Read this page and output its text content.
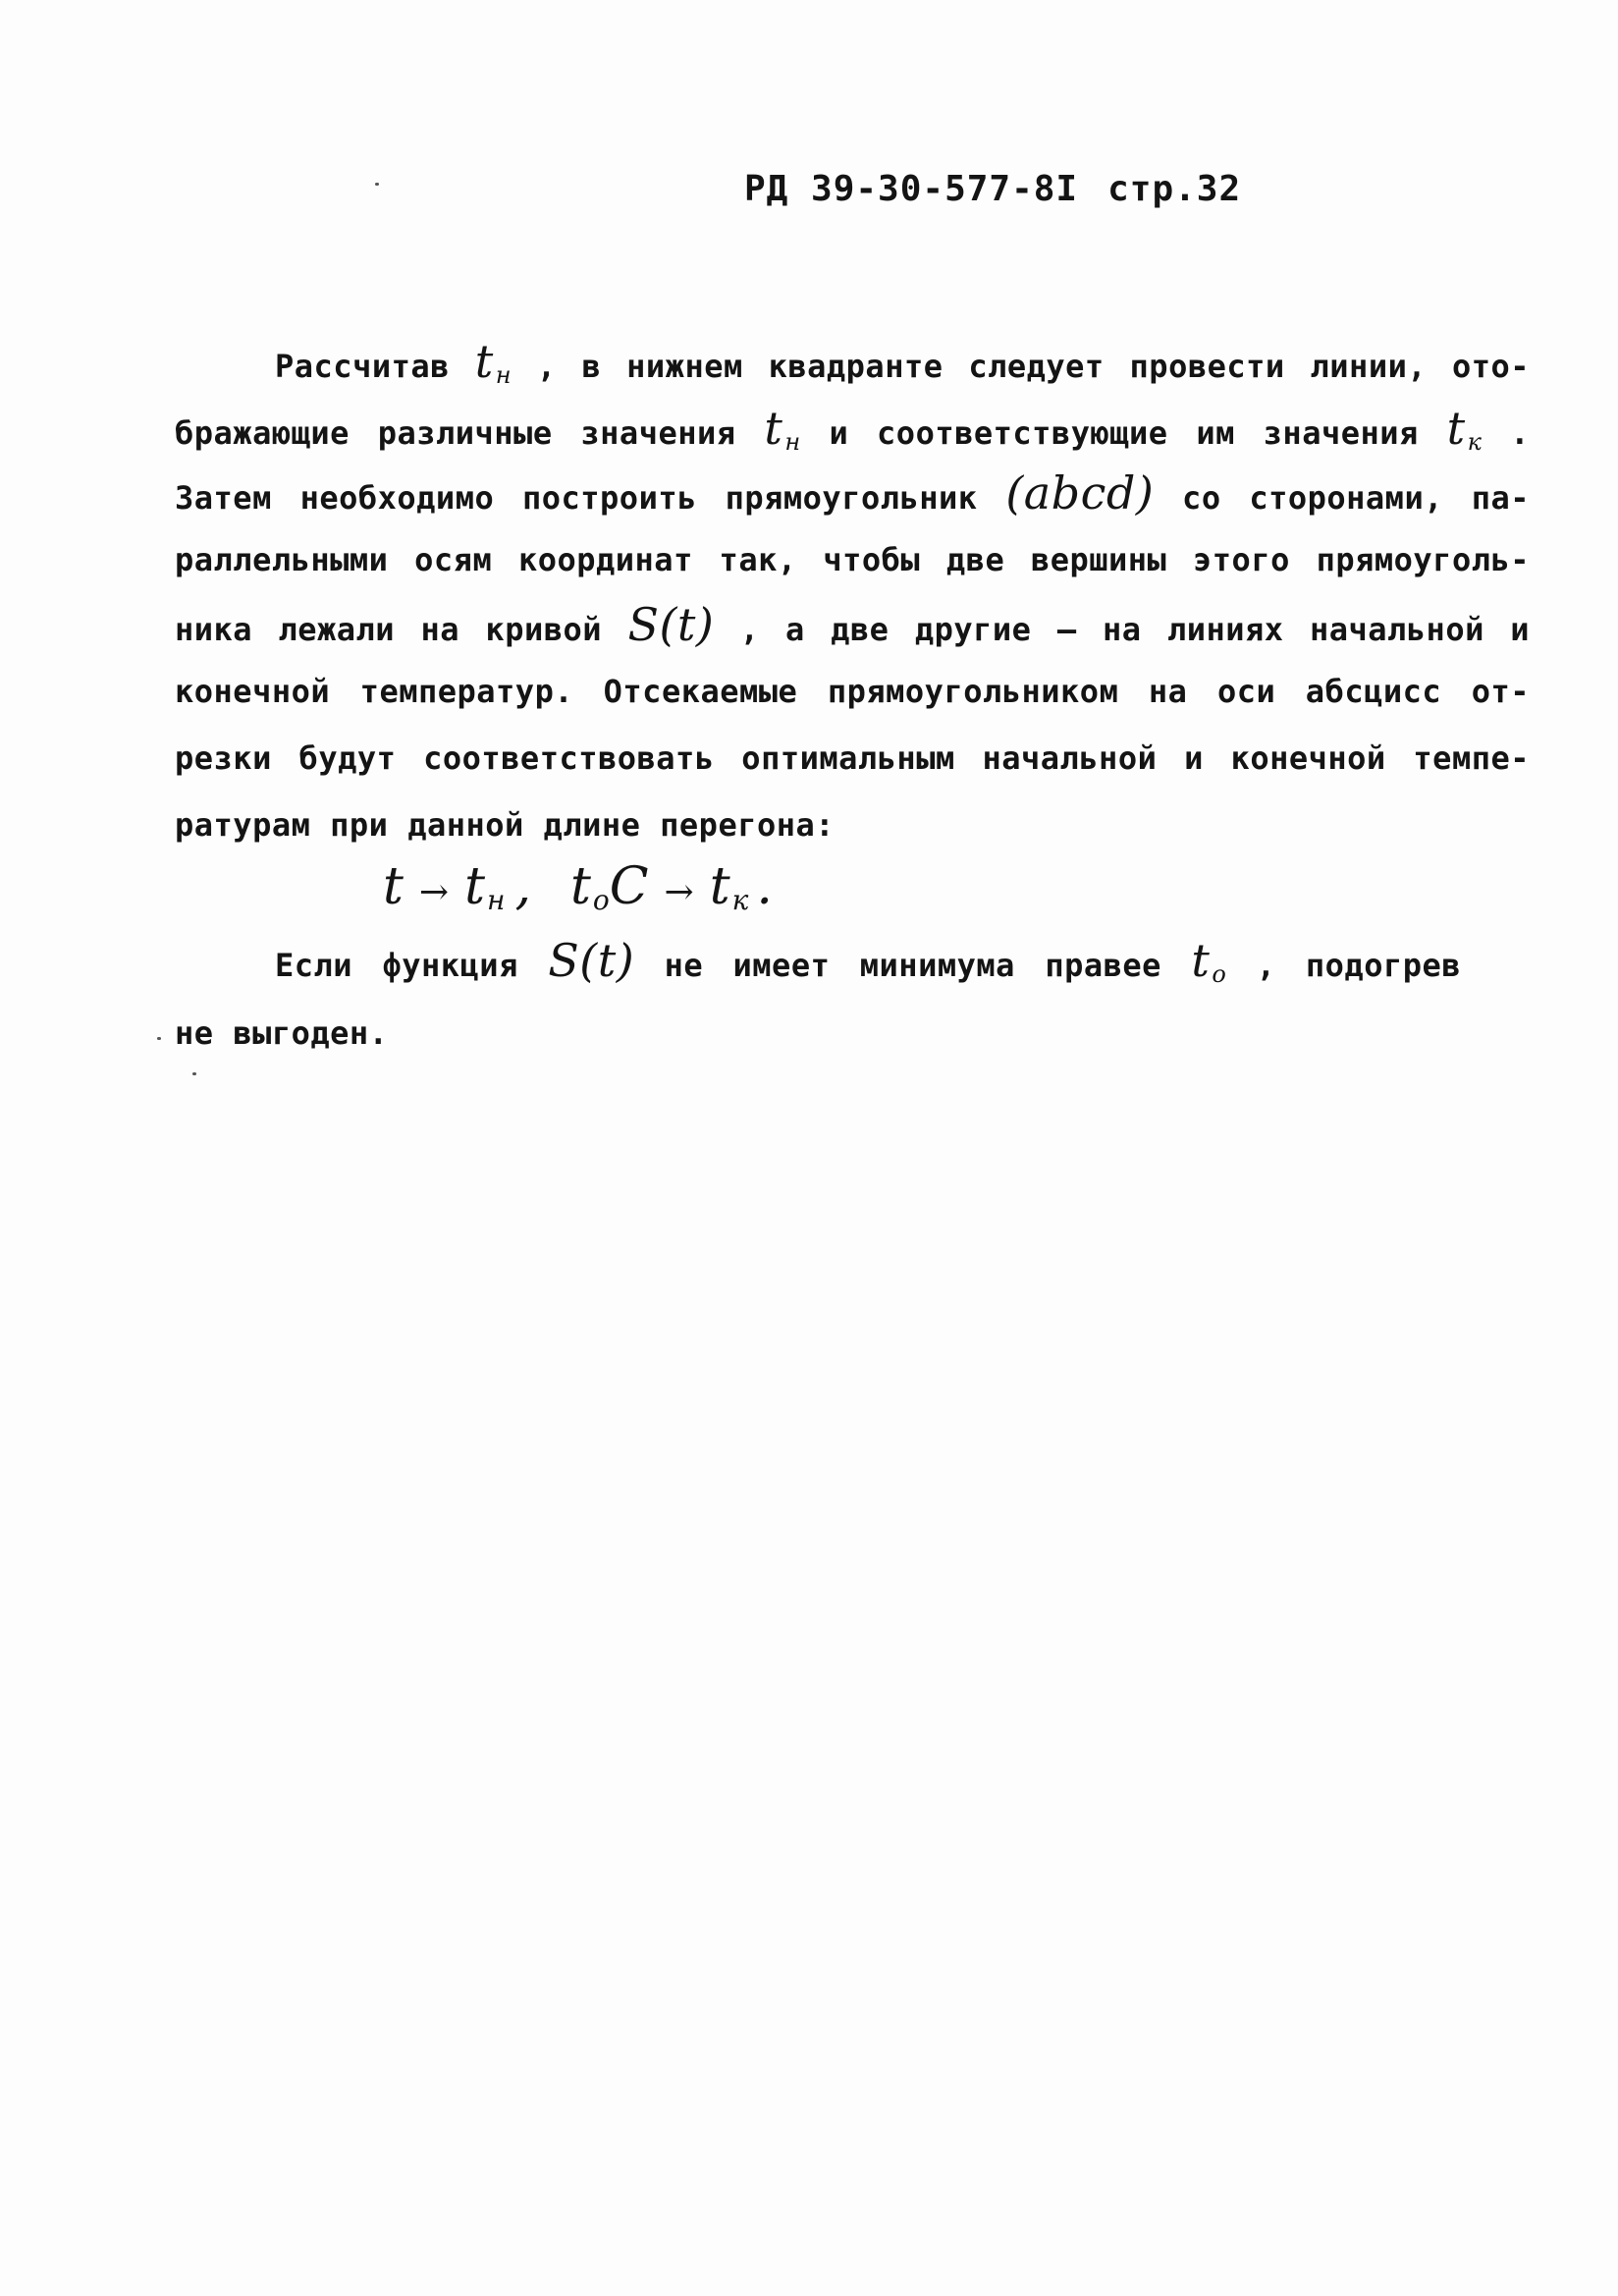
РД 39-30-577-8I стр.32
Рассчитав $t_н$ , в нижнем квадранте следует провести линии, ото-
бражающие различные значения $t_н$ и соответствующие им значения $t_к$ .
Затем необходимо построить прямоугольник (abcd) со сторонами, па-
раллельными осям координат так, чтобы две вершины этого прямоуголь-
ника лежали на кривой S(t) , а две другие – на линиях начальной и
конечной температур. Отсекаемые прямоугольником на оси абсцисс от-
резки будут соответствовать оптимальным начальной и конечной темпе-
ратурам при данной длине перегона:
$t \to t_н$ , $t_оC \to t_к$ .
Если функция S(t) не имеет минимума правее $t_о$ , подогрев
не выгоден.
